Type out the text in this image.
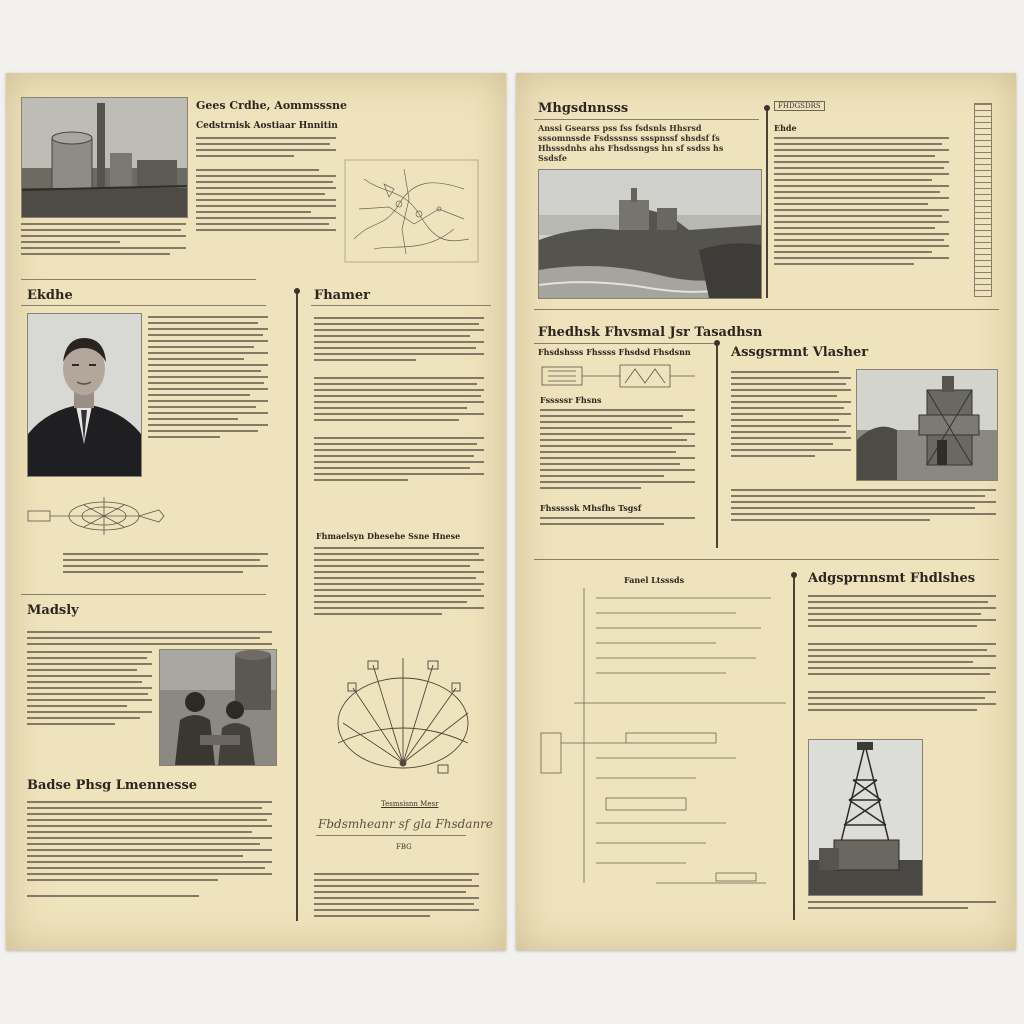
Gees Crdhe, Aommsssne
Cedstrnisk Aostiaar Hnnitin
Ekdhe
Madsly
Badse Phsg Lmennesse
Fhamer
Fhmaelsyn Dhesehe Ssne Hnese
Tesmsisnn Mesr
Fbdsmheanr sf gla Fhsdanre
FBG
Mhgsdnnsss
Anssi Gsearss pss fss fsdsnls Hhsrsd sssomnssde Fsdsssnss ssspnssf shsdsf fs Hhsssdnhs ahs Fhsdssngss hn sf ssdss hs Ssdsfe
FHDGSDRS
Ehde
Fhedhsk Fhvsmal Jsr Tasadhsn
Fhsdshsss Fhssss Fhsdsd Fhsdsnn
Fsssssr Fhsns
Fhsssssk Mhsfhs Tsgsf
Assgsrmnt Vlasher
Fanel Ltsssds	Adgsprnnsmt Fhdlshes
